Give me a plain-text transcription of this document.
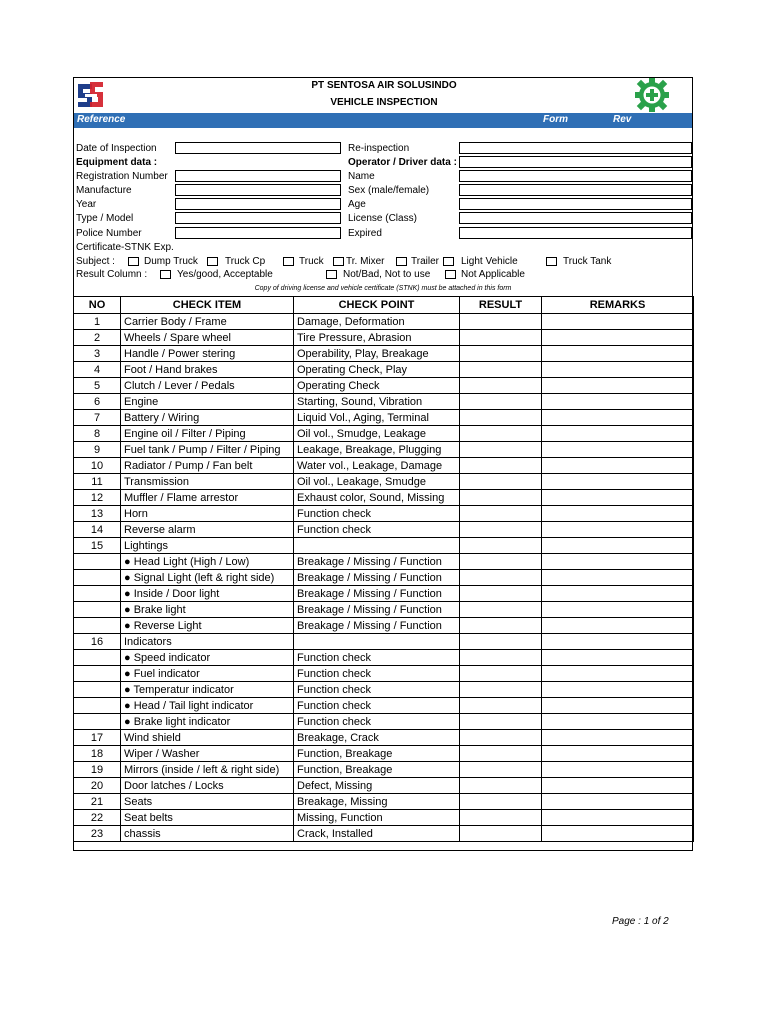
PT SENTOSA AIR SOLUSINDO
VEHICLE INSPECTION
Reference	Form	Rev
Date of Inspection
Equipment data :
Registration Number
Manufacture
Year
Type / Model
Police Number
Certificate-STNK Exp.
Re-inspection
Operator / Driver data :
Name
Sex (male/female)
Age
License (Class)
Expired
Subject :	Dump Truck	Truck Cp	Truck Tr. Mixer	Trailer Light Vehicle	Truck Tank
Result Column :	Yes/good, Acceptable	Not/Bad, Not to use	Not Applicable
Copy of driving license and vehicle certificate (STNK) must be attached in this form
NO	CHECK ITEM	CHECK POINT	RESULT	REMARKS
1	Carrier Body / Frame	Damage, Deformation		
2	Wheels / Spare wheel	Tire Pressure, Abrasion		
3	Handle / Power stering	Operability, Play, Breakage		
4	Foot / Hand brakes	Operating Check, Play		
5	Clutch / Lever / Pedals	Operating Check		
6	Engine	Starting, Sound, Vibration		
7	Battery / Wiring	Liquid Vol., Aging, Terminal		
8	Engine oil / Filter / Piping	Oil vol., Smudge, Leakage		
9	Fuel tank / Pump / Filter / Piping	Leakage, Breakage, Plugging		
10	Radiator / Pump / Fan belt	Water vol., Leakage, Damage		
11	Transmission	Oil vol., Leakage, Smudge		
12	Muffler / Flame arrestor	Exhaust color, Sound, Missing		
13	Horn	Function check		
14	Reverse alarm	Function check		
15	Lightings			
	● Head Light (High / Low)	Breakage / Missing / Function		
	● Signal Light (left & right side)	Breakage / Missing / Function		
	● Inside / Door light	Breakage / Missing / Function		
	● Brake light	Breakage / Missing / Function		
	● Reverse Light	Breakage / Missing / Function		
16	Indicators			
	● Speed indicator	Function check		
	● Fuel indicator	Function check		
	● Temperatur indicator	Function check		
	● Head / Tail light indicator	Function check		
	● Brake light indicator	Function check		
17	Wind shield	Breakage, Crack		
18	Wiper / Washer	Function, Breakage		
19	Mirrors (inside / left & right side)	Function, Breakage		
20	Door latches / Locks	Defect, Missing		
21	Seats	Breakage, Missing		
22	Seat belts	Missing, Function		
23	chassis	Crack, Installed		
Page : 1 of 2
